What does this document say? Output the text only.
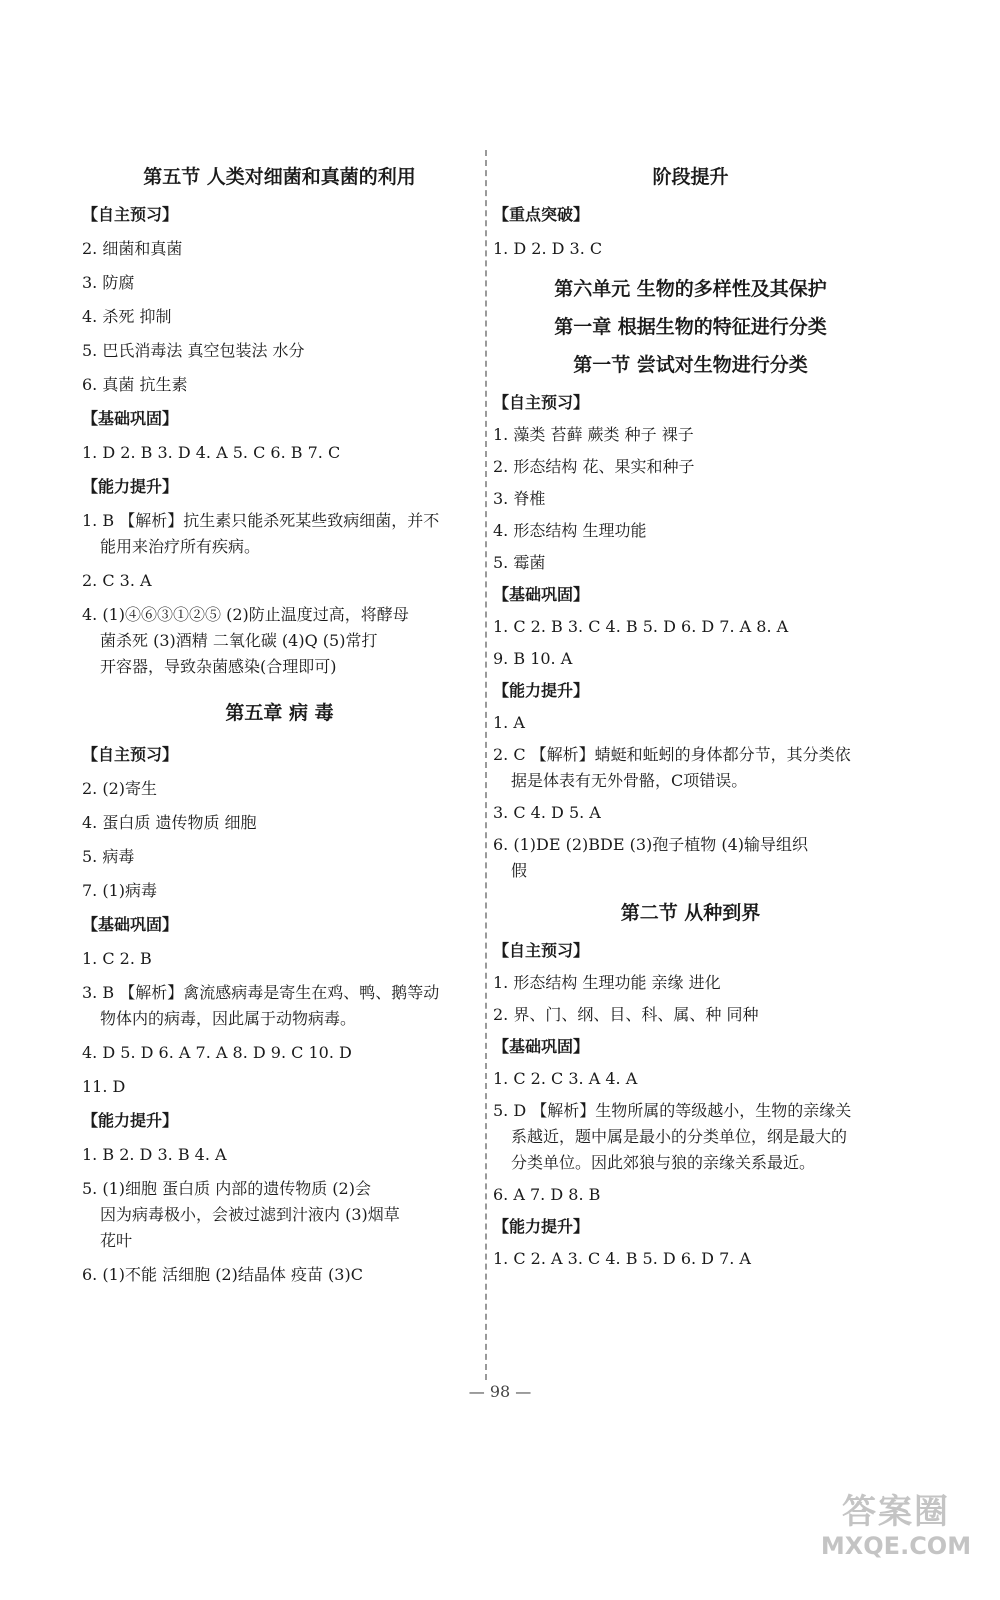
第五节 人类对细菌和真菌的利用
【自主预习】
2. 细菌和真菌
3. 防腐
4. 杀死 抑制
5. 巴氏消毒法 真空包装法 水分
6. 真菌 抗生素
【基础巩固】
1. D 2. B 3. D 4. A 5. C 6. B 7. C
【能力提升】
1. B 【解析】抗生素只能杀死某些致病细菌，并不
能用来治疗所有疾病。
2. C 3. A
4. (1)④⑥③①②⑤ (2)防止温度过高，将酵母
菌杀死 (3)酒精 二氧化碳 (4)Q (5)常打
开容器，导致杂菌感染(合理即可)
第五章 病 毒
【自主预习】
2. (2)寄生
4. 蛋白质 遗传物质 细胞
5. 病毒
7. (1)病毒
【基础巩固】
1. C 2. B
3. B 【解析】禽流感病毒是寄生在鸡、鸭、鹅等动
物体内的病毒，因此属于动物病毒。
4. D 5. D 6. A 7. A 8. D 9. C 10. D
11. D
【能力提升】
1. B 2. D 3. B 4. A
5. (1)细胞 蛋白质 内部的遗传物质 (2)会
因为病毒极小，会被过滤到汁液内 (3)烟草
花叶
6. (1)不能 活细胞 (2)结晶体 疫苗 (3)C
阶段提升
【重点突破】
1. D 2. D 3. C
第六单元 生物的多样性及其保护
第一章 根据生物的特征进行分类
第一节 尝试对生物进行分类
【自主预习】
1. 藻类 苔藓 蕨类 种子 裸子
2. 形态结构 花、果实和种子
3. 脊椎
4. 形态结构 生理功能
5. 霉菌
【基础巩固】
1. C 2. B 3. C 4. B 5. D 6. D 7. A 8. A
9. B 10. A
【能力提升】
1. A
2. C 【解析】蜻蜓和蚯蚓的身体都分节，其分类依
据是体表有无外骨骼，C项错误。
3. C 4. D 5. A
6. (1)DE (2)BDE (3)孢子植物 (4)输导组织
假
第二节 从种到界
【自主预习】
1. 形态结构 生理功能 亲缘 进化
2. 界、门、纲、目、科、属、种 同种
【基础巩固】
1. C 2. C 3. A 4. A
5. D 【解析】生物所属的等级越小，生物的亲缘关
系越近，题中属是最小的分类单位，纲是最大的
分类单位。因此郊狼与狼的亲缘关系最近。
6. A 7. D 8. B
【能力提升】
1. C 2. A 3. C 4. B 5. D 6. D 7. A
— 98 —
答案圈
MXQE.COM
